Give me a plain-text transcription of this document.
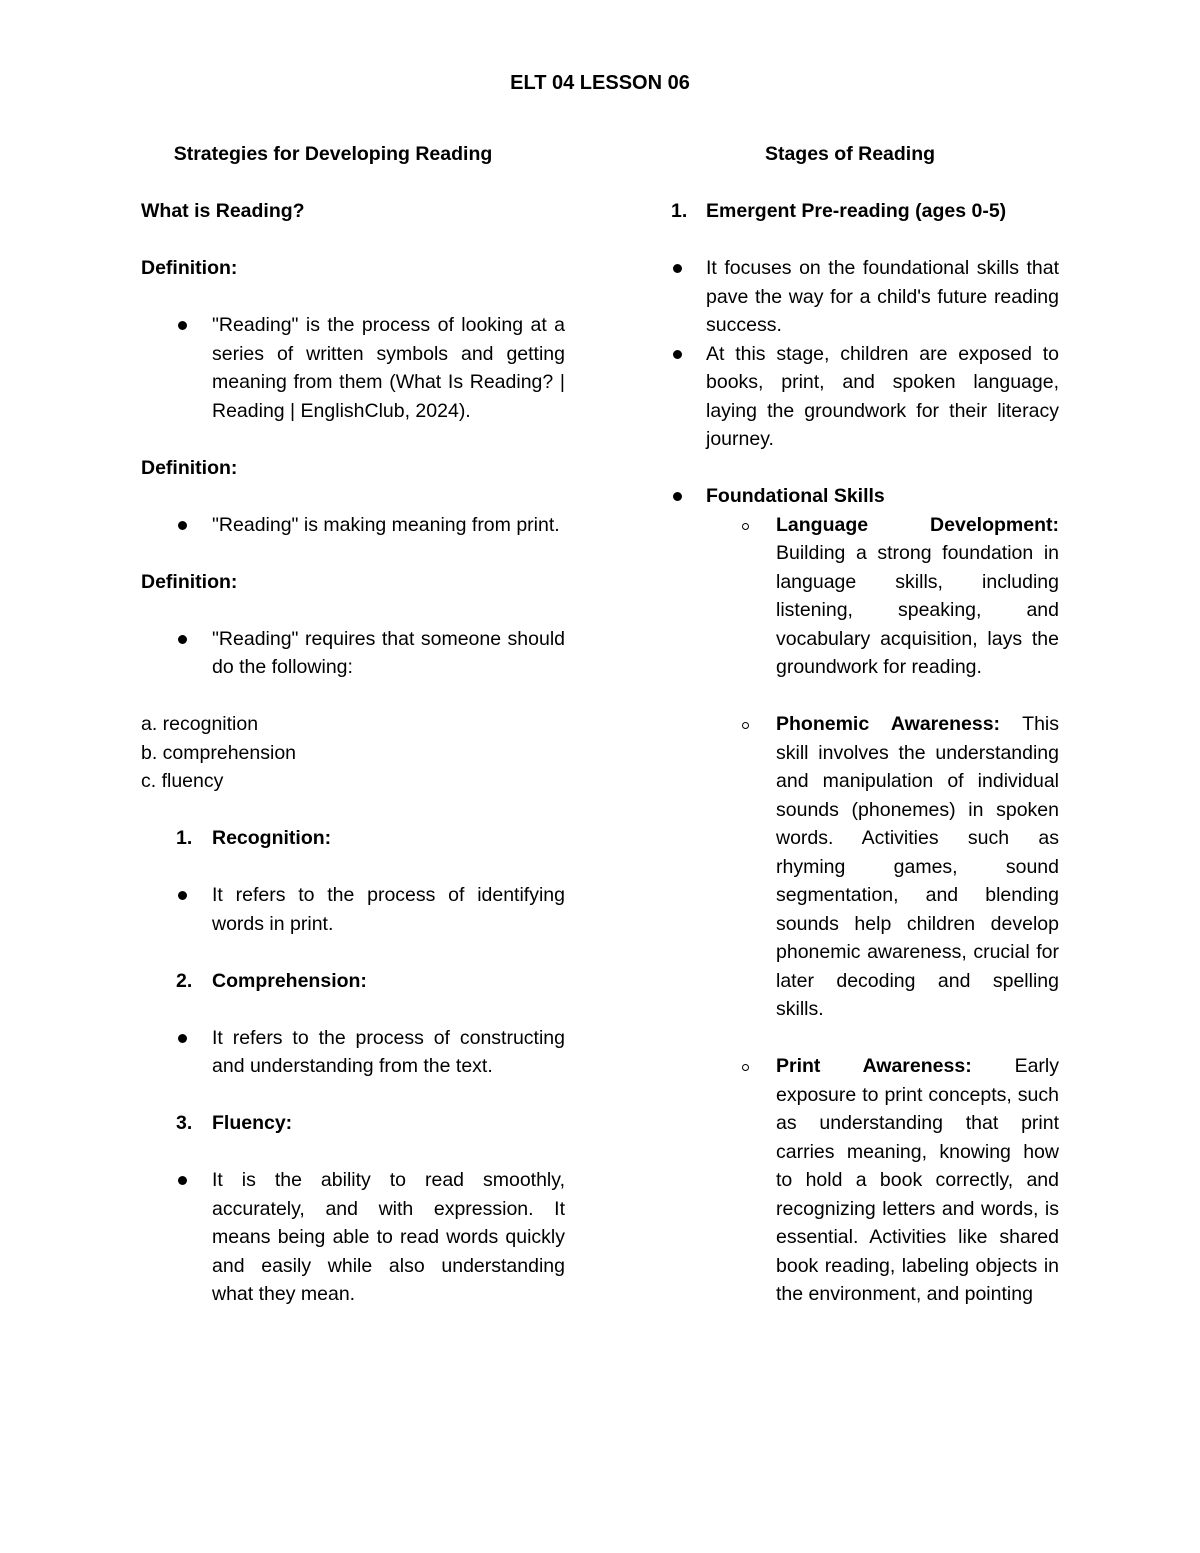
ELT 04 LESSON 06

Strategies for Developing Reading

What is Reading?

Definition:

"Reading" is the process of looking at a series of written symbols and getting meaning from them (What Is Reading? | Reading | EnglishClub, 2024).

Definition:

"Reading" is making meaning from print.

Definition:

"Reading" requires that someone should do the following:

a. recognition

b. comprehension

c. fluency

1. Recognition:
It refers to the process of identifying words in print.
2. Comprehension:
It refers to the process of constructing and understanding from the text.
3. Fluency:
It is the ability to read smoothly, accurately, and with expression. It means being able to read words quickly and easily while also understanding what they mean.

Stages of Reading

1. Emergent Pre-reading (ages 0-5)
It focuses on the foundational skills that pave the way for a child's future reading success.
At this stage, children are exposed to books, print, and spoken language, laying the groundwork for their literacy journey.
Foundational Skills
Language Development: Building a strong foundation in language skills, including listening, speaking, and vocabulary acquisition, lays the groundwork for reading.
Phonemic Awareness: This skill involves the understanding and manipulation of individual sounds (phonemes) in spoken words. Activities such as rhyming games, sound segmentation, and blending sounds help children develop phonemic awareness, crucial for later decoding and spelling skills.
Print Awareness: Early exposure to print concepts, such as understanding that print carries meaning, knowing how to hold a book correctly, and recognizing letters and words, is essential. Activities like shared book reading, labeling objects in the environment, and pointing
